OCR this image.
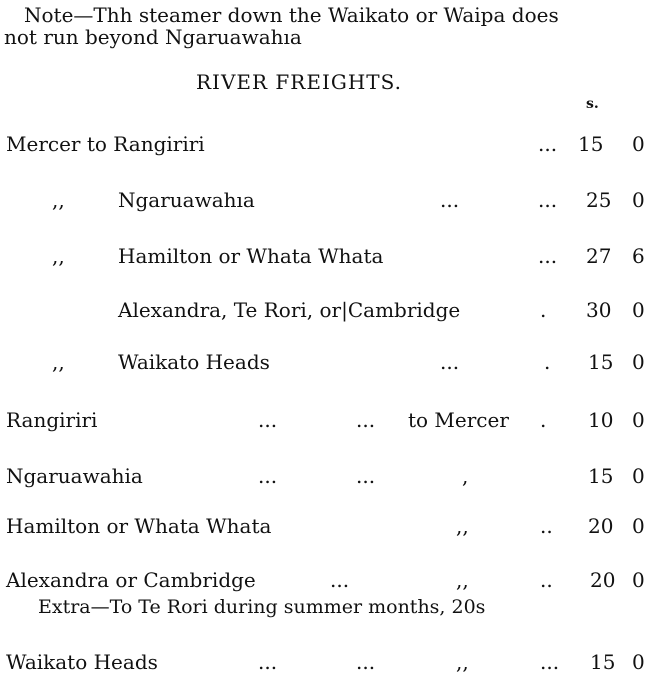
Note—Thh steamer down the Waikato or Waipa does
not run beyond Ngaruawahıa
RIVER FREIGHTS.
s.
Mercer to Rangiriri	... 15 0
,,	Ngaruawahıa	...	... 25 0
,,	Hamilton or Whata Whata	... 27 6
Alexandra, Te Rori, or|Cambridge	. 30 0
,,	Waikato Heads	...	. 15 0
Rangiriri	...	... to Mercer . 10 0
Ngaruawahia	...	...	,	15 0
Hamilton or Whata Whata	,,	.. 20 0
Alexandra or Cambridge	...	,,	.. 20 0
Extra—To Te Rori during summer months, 20s
Waikato Heads	...	...	,,	... 15 0
